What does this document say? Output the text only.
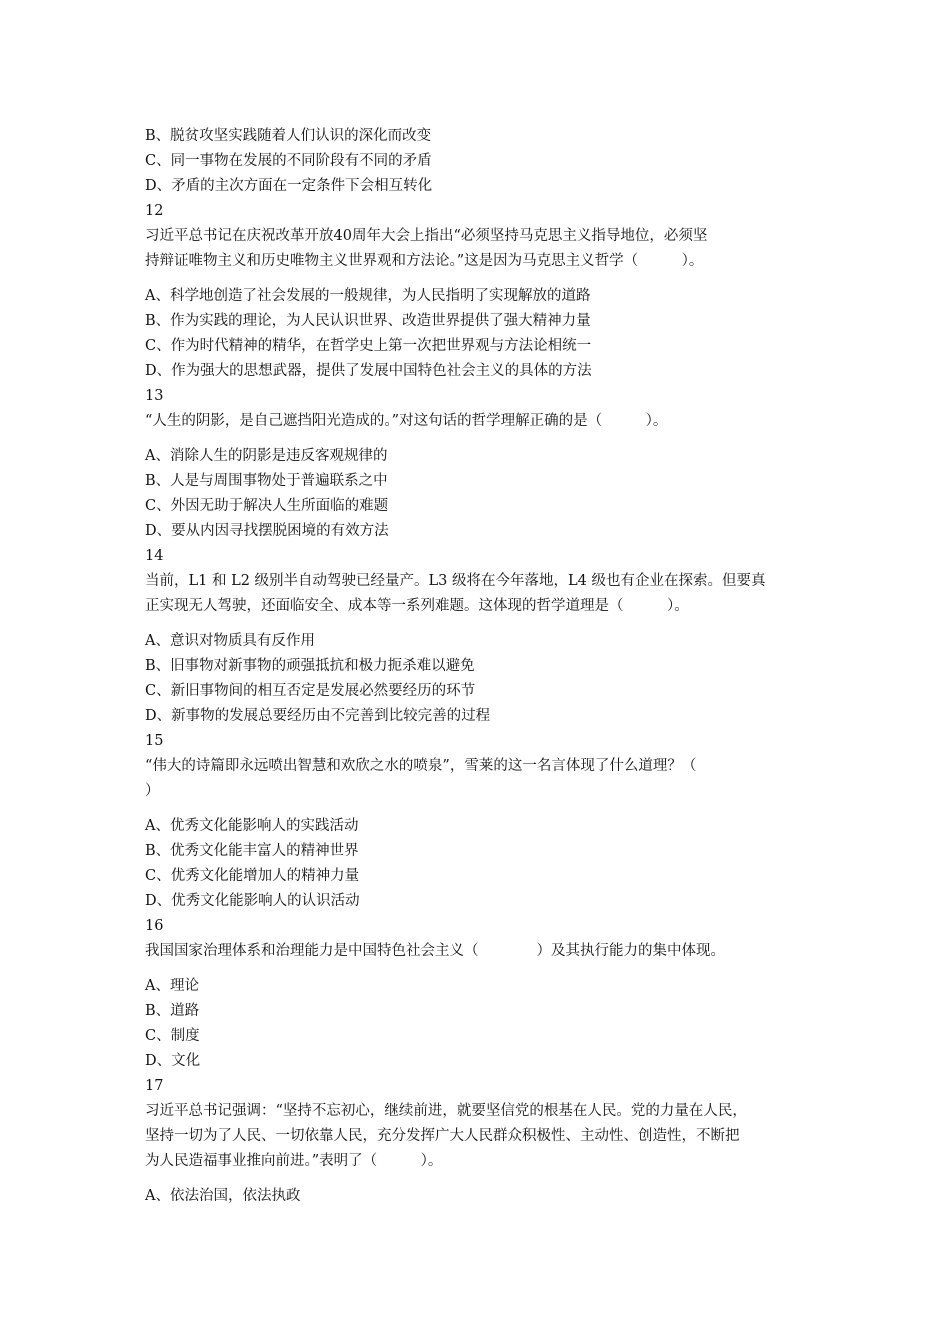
B、脱贫攻坚实践随着人们认识的深化而改变

C、同一事物在发展的不同阶段有不同的矛盾

D、矛盾的主次方面在一定条件下会相互转化

12

习近平总书记在庆祝改革开放40周年大会上指出“必须坚持马克思主义指导地位，必须坚
持辩证唯物主义和历史唯物主义世界观和方法论。”这是因为马克思主义哲学（　　　）。

A、科学地创造了社会发展的一般规律，为人民指明了实现解放的道路

B、作为实践的理论，为人民认识世界、改造世界提供了强大精神力量

C、作为时代精神的精华，在哲学史上第一次把世界观与方法论相统一

D、作为强大的思想武器，提供了发展中国特色社会主义的具体的方法

13

“人生的阴影，是自己遮挡阳光造成的。”对这句话的哲学理解正确的是（　　　）。

A、消除人生的阴影是违反客观规律的

B、人是与周围事物处于普遍联系之中

C、外因无助于解决人生所面临的难题

D、要从内因寻找摆脱困境的有效方法

14

当前，L1 和 L2 级别半自动驾驶已经量产。L3 级将在今年落地，L4 级也有企业在探索。但要真
正实现无人驾驶，还面临安全、成本等一系列难题。这体现的哲学道理是（　　　）。

A、意识对物质具有反作用

B、旧事物对新事物的顽强抵抗和极力扼杀难以避免

C、新旧事物间的相互否定是发展必然要经历的环节

D、新事物的发展总要经历由不完善到比较完善的过程

15

“伟大的诗篇即永远喷出智慧和欢欣之水的喷泉”，雪莱的这一名言体现了什么道理？（
）

A、优秀文化能影响人的实践活动

B、优秀文化能丰富人的精神世界

C、优秀文化能增加人的精神力量

D、优秀文化能影响人的认识活动

16

我国国家治理体系和治理能力是中国特色社会主义（　　　　）及其执行能力的集中体现。

A、理论

B、道路

C、制度

D、文化

17

习近平总书记强调：“坚持不忘初心，继续前进，就要坚信党的根基在人民。党的力量在人民，
坚持一切为了人民、一切依靠人民，充分发挥广大人民群众积极性、主动性、创造性，不断把
为人民造福事业推向前进。”表明了（　　　）。

A、依法治国，依法执政
